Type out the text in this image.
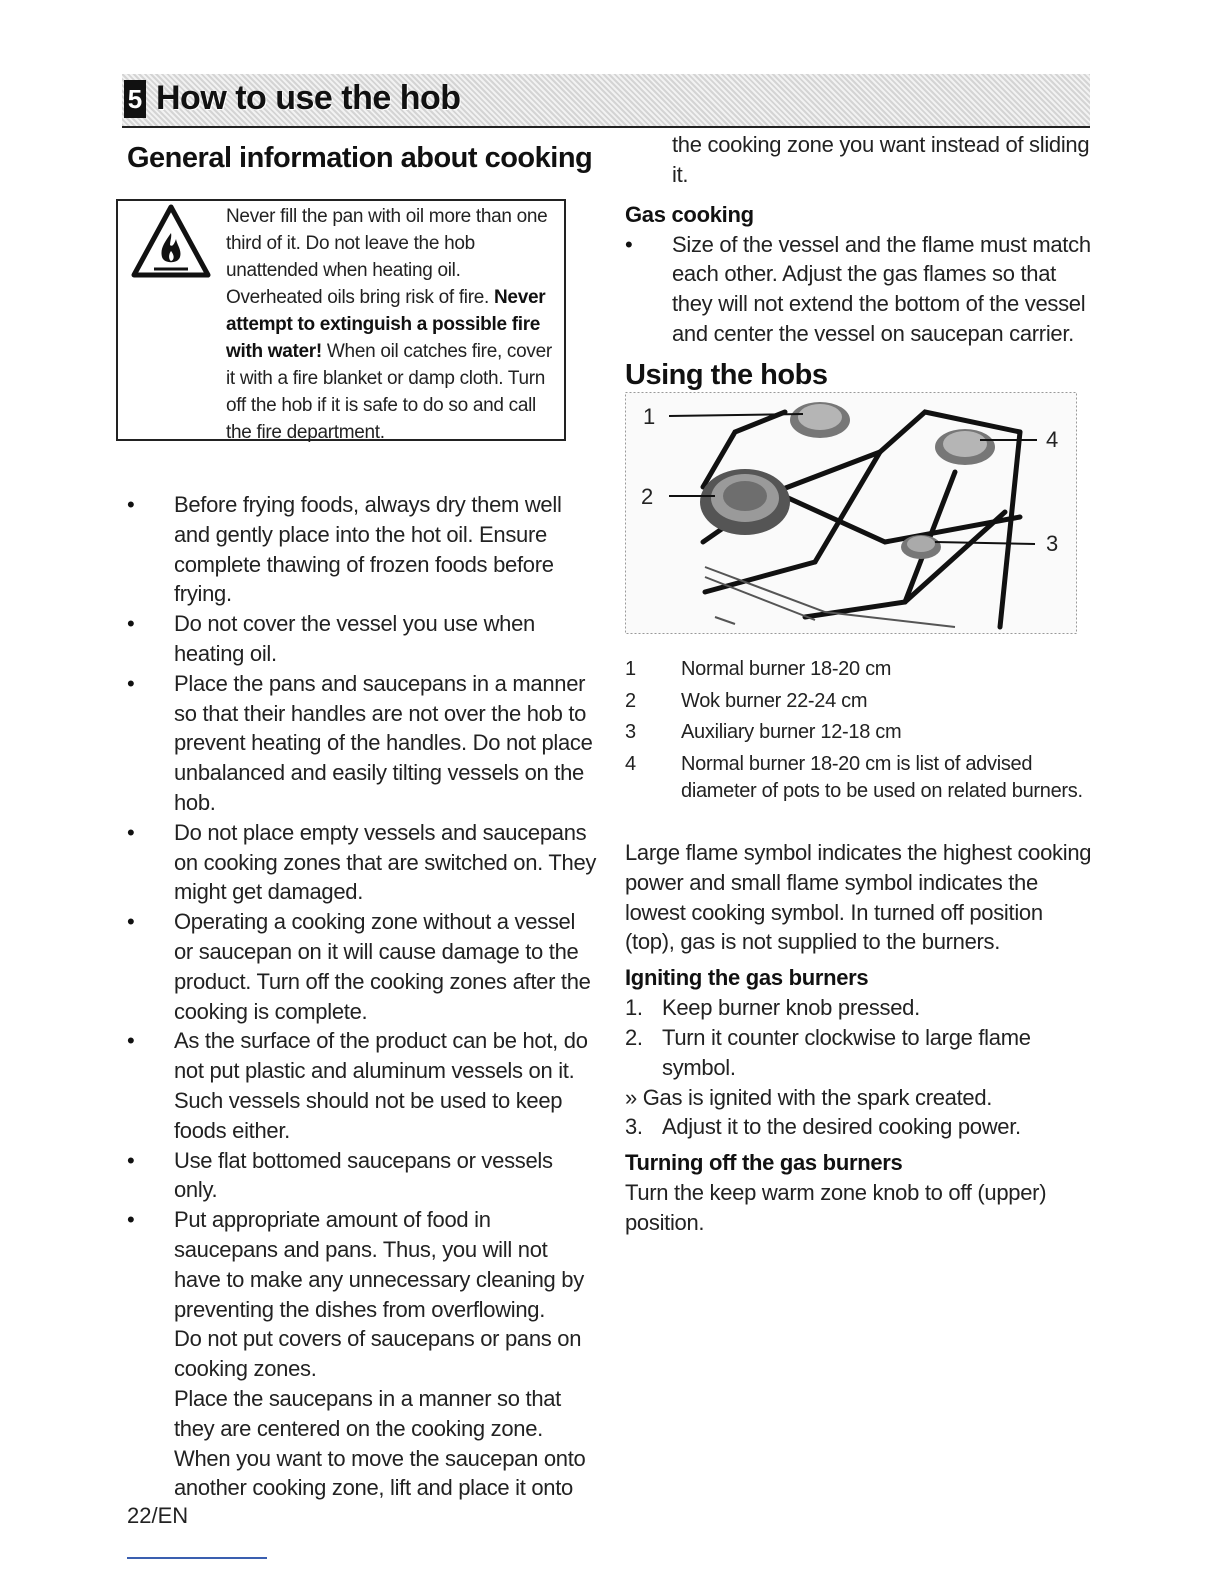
5 How to use the hob
General information about cooking
Never fill the pan with oil more than one third of it. Do not leave the hob unattended when heating oil. Overheated oils bring risk of fire. Never attempt to extinguish a possible fire with water! When oil catches fire, cover it with a fire blanket or damp cloth. Turn off the hob if it is safe to do so and call the fire department.
• Before frying foods, always dry them well and gently place into the hot oil. Ensure complete thawing of frozen foods before frying.
• Do not cover the vessel you use when heating oil.
• Place the pans and saucepans in a manner so that their handles are not over the hob to prevent heating of the handles. Do not place unbalanced and easily tilting vessels on the hob.
• Do not place empty vessels and saucepans on cooking zones that are switched on. They might get damaged.
• Operating a cooking zone without a vessel or saucepan on it will cause damage to the product. Turn off the cooking zones after the cooking is complete.
• As the surface of the product can be hot, do not put plastic and aluminum vessels on it. Such vessels should not be used to keep foods either.
• Use flat bottomed saucepans or vessels only.
• Put appropriate amount of food in saucepans and pans. Thus, you will not have to make any unnecessary cleaning by preventing the dishes from overflowing.
Do not put covers of saucepans or pans on cooking zones.
Place the saucepans in a manner so that they are centered on the cooking zone. When you want to move the saucepan onto another cooking zone, lift and place it onto

the cooking zone you want instead of sliding it.

Gas cooking
• Size of the vessel and the flame must match each other. Adjust the gas flames so that they will not extend the bottom of the vessel and center the vessel on saucepan carrier.
Using the hobs
1
2
3
4
1 Normal burner 18-20 cm
2 Wok burner 22-24 cm
3 Auxiliary burner 12-18 cm
4 Normal burner 18-20 cm is list of advised diameter of pots to be used on related burners.

Large flame symbol indicates the highest cooking power and small flame symbol indicates the lowest cooking symbol. In turned off position (top), gas is not supplied to the burners.

Igniting the gas burners
1. Keep burner knob pressed.
2. Turn it counter clockwise to large flame symbol.

» Gas is ignited with the spark created.

3. Adjust it to the desired cooking power.
Turning off the gas burners

Turn the keep warm zone knob to off (upper) position.

22/EN
